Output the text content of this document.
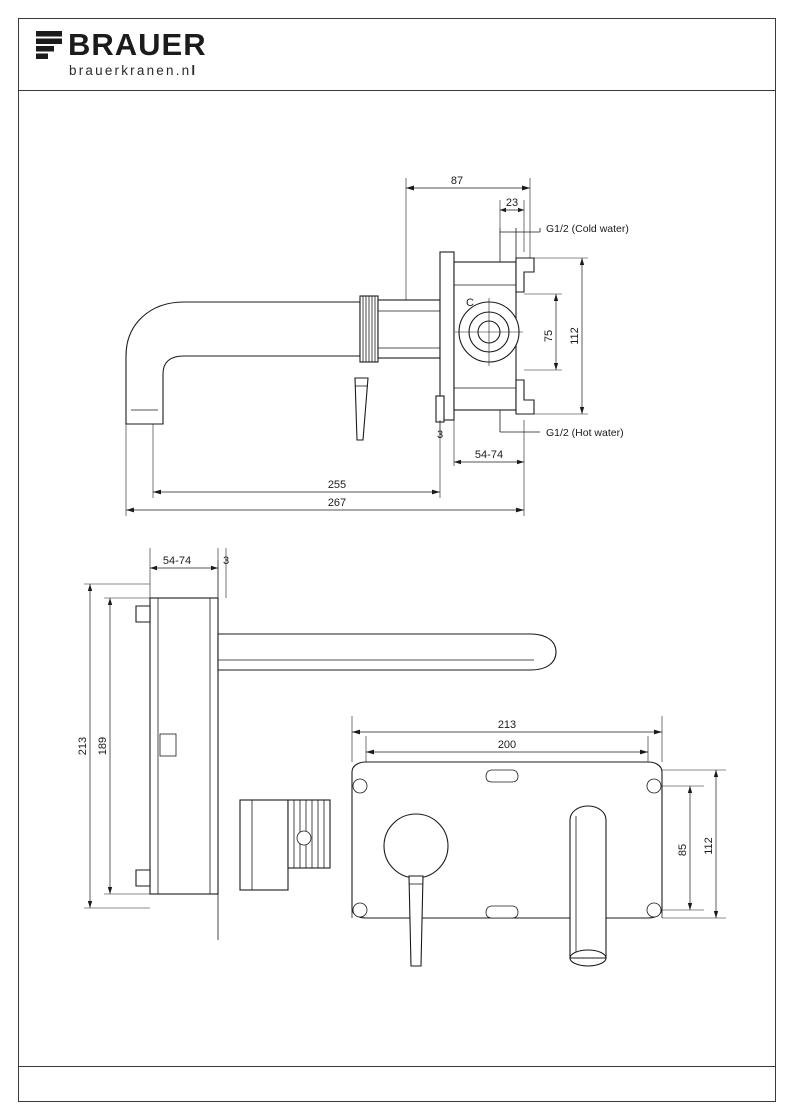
BRAUER
brauerkranen.nl
C
G1/2 (Cold water)
G1/2 (Hot water)
87
23
75 112
3
54-74
255
267
54-74	3
213 189
213
200
85 112
